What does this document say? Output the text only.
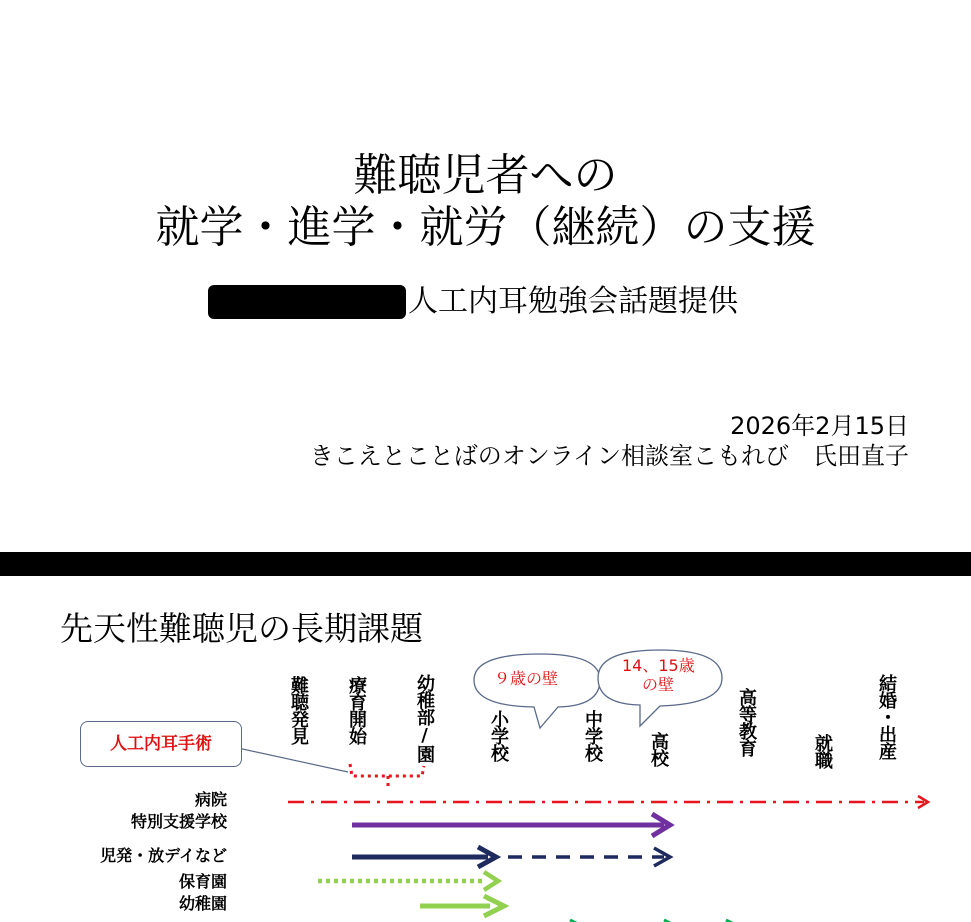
難聴児者への
就学・進学・就労（継続）の支援
人工内耳勉強会話題提供
2026年2月15日
きこえとことばのオンライン相談室こもれび　氏田直子
先天性難聴児の長期課題
９歳の壁
14、15歳
の壁
難聴発見 療育開始	幼稚部/園	小学校	中学校	高校	高等教育	就職 結婚・出産
人工内耳手術
病院
特別支援学校
児発・放デイなど
保育園
幼稚園
